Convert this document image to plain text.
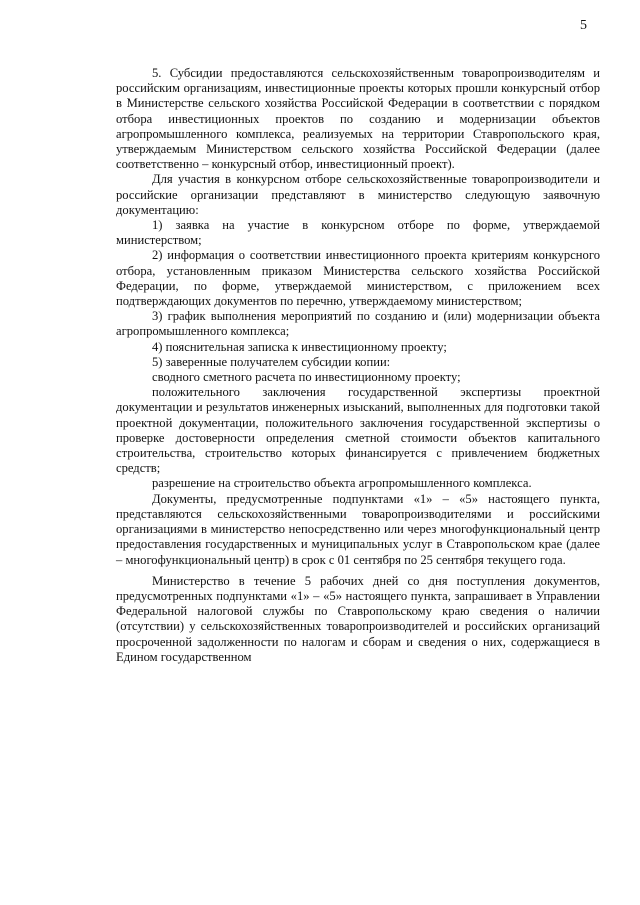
5

5. Субсидии предоставляются сельскохозяйственным товаропроизводителям и российским организациям, инвестиционные проекты которых прошли конкурсный отбор в Министерстве сельского хозяйства Российской Федерации в соответствии с порядком отбора инвестиционных проектов по созданию и модернизации объектов агропромышленного комплекса, реализуемых на территории Ставропольского края, утверждаемым Министерством сельского хозяйства Российской Федерации (далее соответственно – конкурсный отбор, инвестиционный проект).

Для участия в конкурсном отборе сельскохозяйственные товаропроизводители и российские организации представляют в министерство следующую заявочную документацию:

1) заявка на участие в конкурсном отборе по форме, утверждаемой министерством;

2) информация о соответствии инвестиционного проекта критериям конкурсного отбора, установленным приказом Министерства сельского хозяйства Российской Федерации, по форме, утверждаемой министерством, с приложением всех подтверждающих документов по перечню, утверждаемому министерством;

3) график выполнения мероприятий по созданию и (или) модернизации объекта агропромышленного комплекса;

4) пояснительная записка к инвестиционному проекту;

5) заверенные получателем субсидии копии:

сводного сметного расчета по инвестиционному проекту;

положительного заключения государственной экспертизы проектной документации и результатов инженерных изысканий, выполненных для подготовки такой проектной документации, положительного заключения государственной экспертизы о проверке достоверности определения сметной стоимости объектов капитального строительства, строительство которых финансируется с привлечением бюджетных средств;

разрешение на строительство объекта агропромышленного комплекса.

Документы, предусмотренные подпунктами «1» – «5» настоящего пункта, представляются сельскохозяйственными товаропроизводителями и российскими организациями в министерство непосредственно или через многофункциональный центр предоставления государственных и муниципальных услуг в Ставропольском крае (далее – многофункциональный центр) в срок с 01 сентября по 25 сентября текущего года.

Министерство в течение 5 рабочих дней со дня поступления документов, предусмотренных подпунктами «1» – «5» настоящего пункта, запрашивает в Управлении Федеральной налоговой службы по Ставропольскому краю сведения о наличии (отсутствии) у сельскохозяйственных товаропроизводителей и российских организаций просроченной задолженности по налогам и сборам и сведения о них, содержащиеся в Едином государственном
